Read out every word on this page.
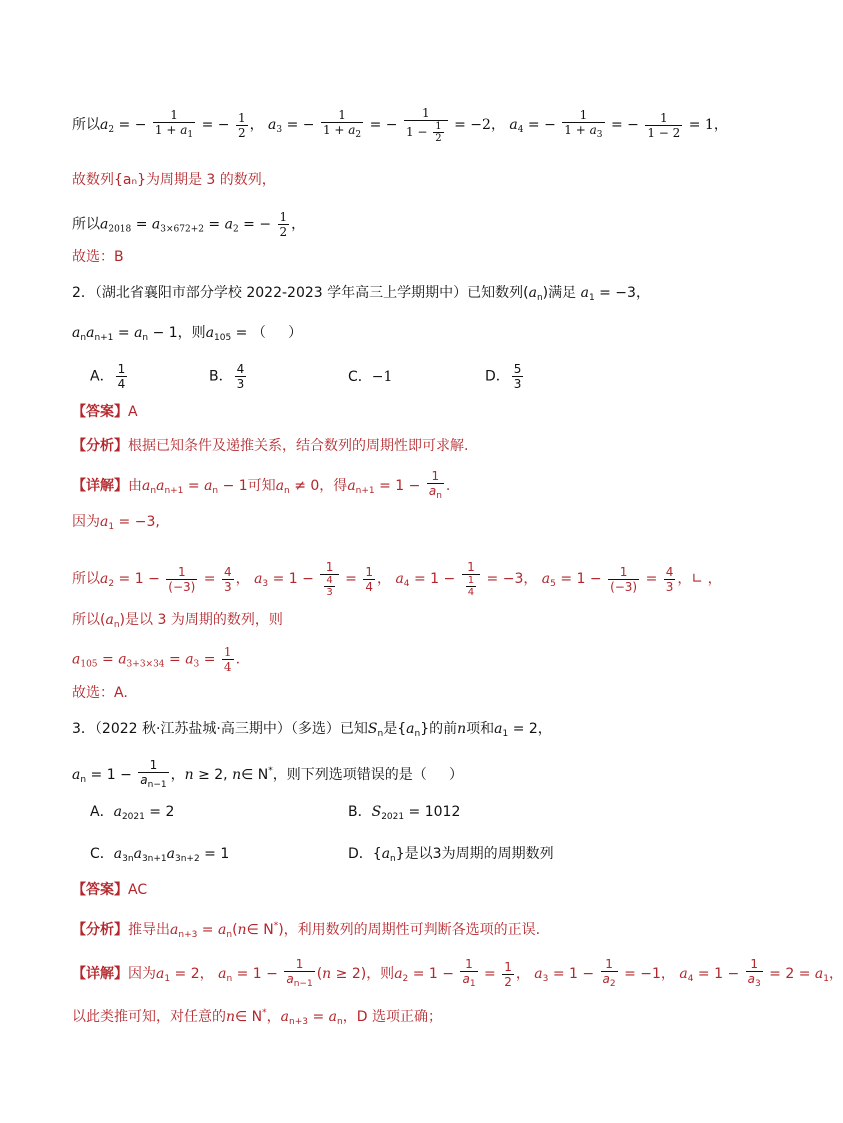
所以$a_2$ = − $\frac{1}{1 + a_1}$ = − $\frac{1}{2}$ ， $a_3$ = − $\frac{1}{1 + a_2}$ = − $\frac{1}{1 - \frac{1}{2}} = -2$， $a_4$ = − $\frac{1}{1 + a_3}$ = − $\frac{1}{1 - 2} = 1$，
故数列{aₙ}为周期是 3 的数列，
所以$a_{2018} = a_{3\times 672+2} = a_2$ = − $\frac{1}{2}$ ，
故选：B
2．（湖北省襄阳市部分学校 2022-2023 学年高三上学期期中）已知数列$(a_n)$满足 $a_1 = -3$，
$a_na_{n+1} = a_n - 1$，则$a_{105}$ = （     ）
A． $\frac{1}{4}$	B． $\frac{4}{3}$	C．−1	D． $\frac{5}{3}$
【答案】A
【分析】根据已知条件及递推关系，结合数列的周期性即可求解.
【详解】由$a_na_{n+1} = a_n - 1$可知$a_n \ne 0$，得$a_{n+1} = 1 - \frac{1}{a_n}$ .
因为$a_1 = -3$,
所以$a_2 = 1 - \frac{1}{(-3)} = \frac{4}{3}$ ， $a_3 = 1 - \frac{1}{\frac{4}{3}} = \frac{1}{4}$ ， $a_4 = 1 - \frac{1}{\frac{1}{4}} = -3$， $a_5 = 1 - \frac{1}{(-3)} = \frac{4}{3}$ ，∟ ，
所以$(a_n)$是以 3 为周期的数列，则
$a_{105} = a_{3+3\times 34} = a_3 = \frac{1}{4}$ .
故选：A.
3．（2022 秋·江苏盐城·高三期中）（多选）已知$S_n$是$\{a_n\}$的前n项和$a_1 = 2$，
$a_n = 1 - \frac{1}{a_{n-1}}$ ，n ≥ 2, n∈ N*，则下列选项错误的是（     ）
A．$a_{2021} = 2$	B．$S_{2021} = 1012$
C．$a_{3n}a_{3n+1}a_{3n+2} = 1$	D．$\{a_n\}$是以3为周期的周期数列
【答案】AC
【分析】推导出$a_{n+3}$ = $a_n(n\in$ N*)，利用数列的周期性可判断各选项的正误.
【详解】因为$a_1 = 2$， $a_n = 1 - \frac{1}{a_{n-1}} (n \ge 2)$，则$a_2 = 1 - \frac{1}{a_1} = \frac{1}{2}$ ， $a_3 = 1 - \frac{1}{a_2} = -1$， $a_4 = 1 - \frac{1}{a_3} = 2 = a_1$，
以此类推可知，对任意的n∈ N*，$a_{n+3} = a_n$，D 选项正确；
